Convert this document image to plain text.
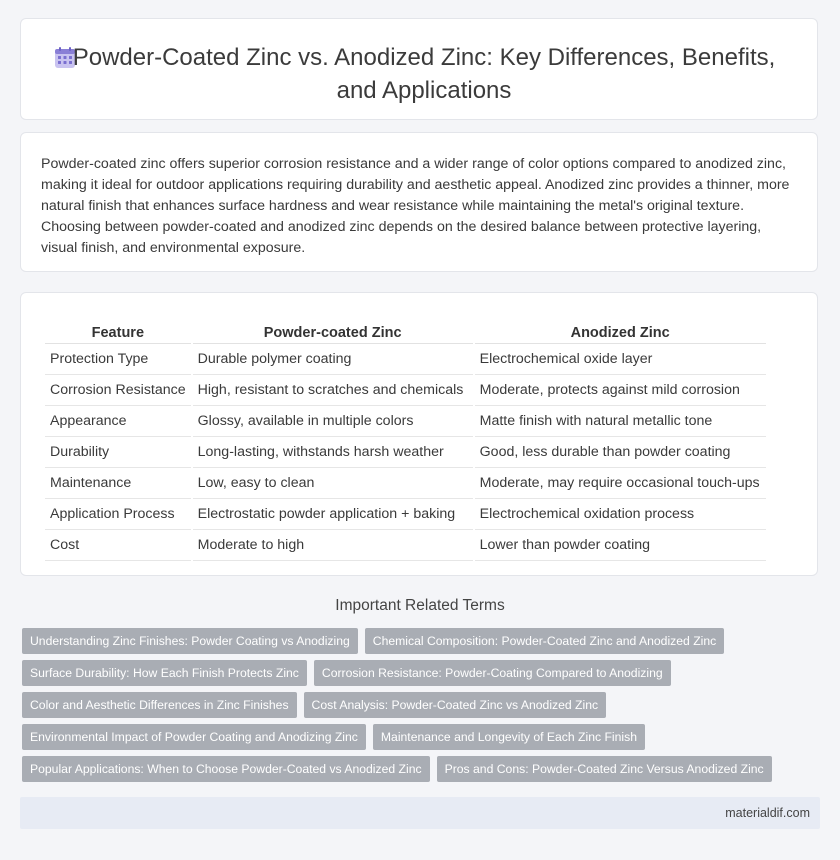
Powder-Coated Zinc vs. Anodized Zinc: Key Differences, Benefits, and Applications

Powder-coated zinc offers superior corrosion resistance and a wider range of color options compared to anodized zinc, making it ideal for outdoor applications requiring durability and aesthetic appeal. Anodized zinc provides a thinner, more natural finish that enhances surface hardness and wear resistance while maintaining the metal's original texture. Choosing between powder-coated and anodized zinc depends on the desired balance between protective layering, visual finish, and environmental exposure.

Feature	Powder-coated Zinc	Anodized Zinc
Protection Type	Durable polymer coating	Electrochemical oxide layer
Corrosion Resistance	High, resistant to scratches and chemicals	Moderate, protects against mild corrosion
Appearance	Glossy, available in multiple colors	Matte finish with natural metallic tone
Durability	Long-lasting, withstands harsh weather	Good, less durable than powder coating
Maintenance	Low, easy to clean	Moderate, may require occasional touch-ups
Application Process	Electrostatic powder application + baking	Electrochemical oxidation process
Cost	Moderate to high	Lower than powder coating
Important Related Terms
Understanding Zinc Finishes: Powder Coating vs Anodizing	Chemical Composition: Powder-Coated Zinc and Anodized Zinc
Surface Durability: How Each Finish Protects Zinc	Corrosion Resistance: Powder-Coating Compared to Anodizing
Color and Aesthetic Differences in Zinc Finishes	Cost Analysis: Powder-Coated Zinc vs Anodized Zinc
Environmental Impact of Powder Coating and Anodizing Zinc	Maintenance and Longevity of Each Zinc Finish
Popular Applications: When to Choose Powder-Coated vs Anodized Zinc	Pros and Cons: Powder-Coated Zinc Versus Anodized Zinc
materialdif.com
